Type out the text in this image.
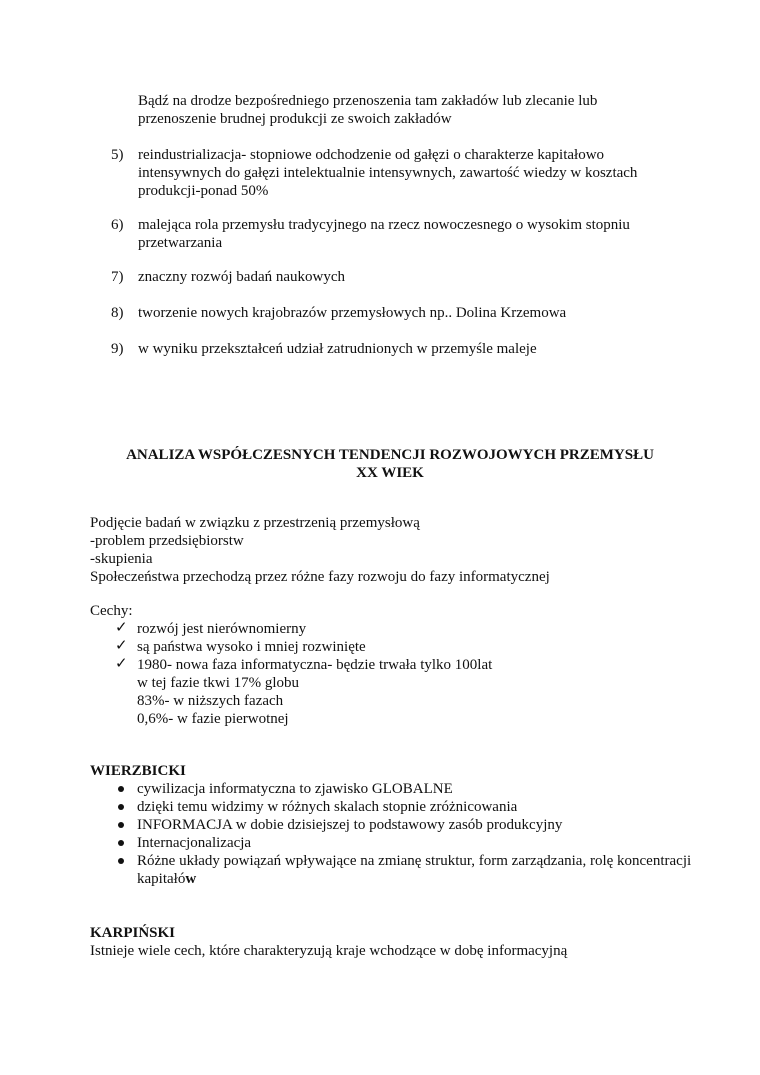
Bądź na drodze bezpośredniego przenoszenia tam zakładów lub zlecanie lub przenoszenie brudnej produkcji ze swoich zakładów
5) reindustrializacja- stopniowe odchodzenie od gałęzi o charakterze kapitałowo intensywnych do gałęzi intelektualnie intensywnych, zawartość wiedzy w kosztach produkcji-ponad 50%
6) malejąca rola przemysłu tradycyjnego na rzecz nowoczesnego o wysokim stopniu przetwarzania
7) znaczny rozwój badań naukowych
8) tworzenie nowych krajobrazów przemysłowych np.. Dolina Krzemowa
9) w wyniku przekształceń udział zatrudnionych w przemyśle maleje
ANALIZA WSPÓŁCZESNYCH TENDENCJI ROZWOJOWYCH PRZEMYSŁU
XX WIEK
Podjęcie badań w związku z przestrzenią przemysłową
-problem przedsiębiorstw
-skupienia
Społeczeństwa przechodzą przez różne fazy rozwoju do fazy informatycznej
Cechy:
✓ rozwój jest nierównomierny
✓ są państwa wysoko i mniej rozwinięte
✓ 1980- nowa faza informatyczna- będzie trwała tylko 100lat
w tej fazie tkwi 17% globu
83%- w niższych fazach
0,6%- w fazie pierwotnej
WIERZBICKI
cywilizacja informatyczna to zjawisko GLOBALNE
dzięki temu widzimy w różnych skalach stopnie zróżnicowania
INFORMACJA w dobie dzisiejszej to podstawowy zasób produkcyjny
Internacjonalizacja
Różne układy powiązań wpływające na zmianę struktur, form zarządzania, rolę koncentracji kapitałów
KARPIŃSKI
Istnieje wiele cech, które charakteryzują kraje wchodzące w dobę informacyjną
